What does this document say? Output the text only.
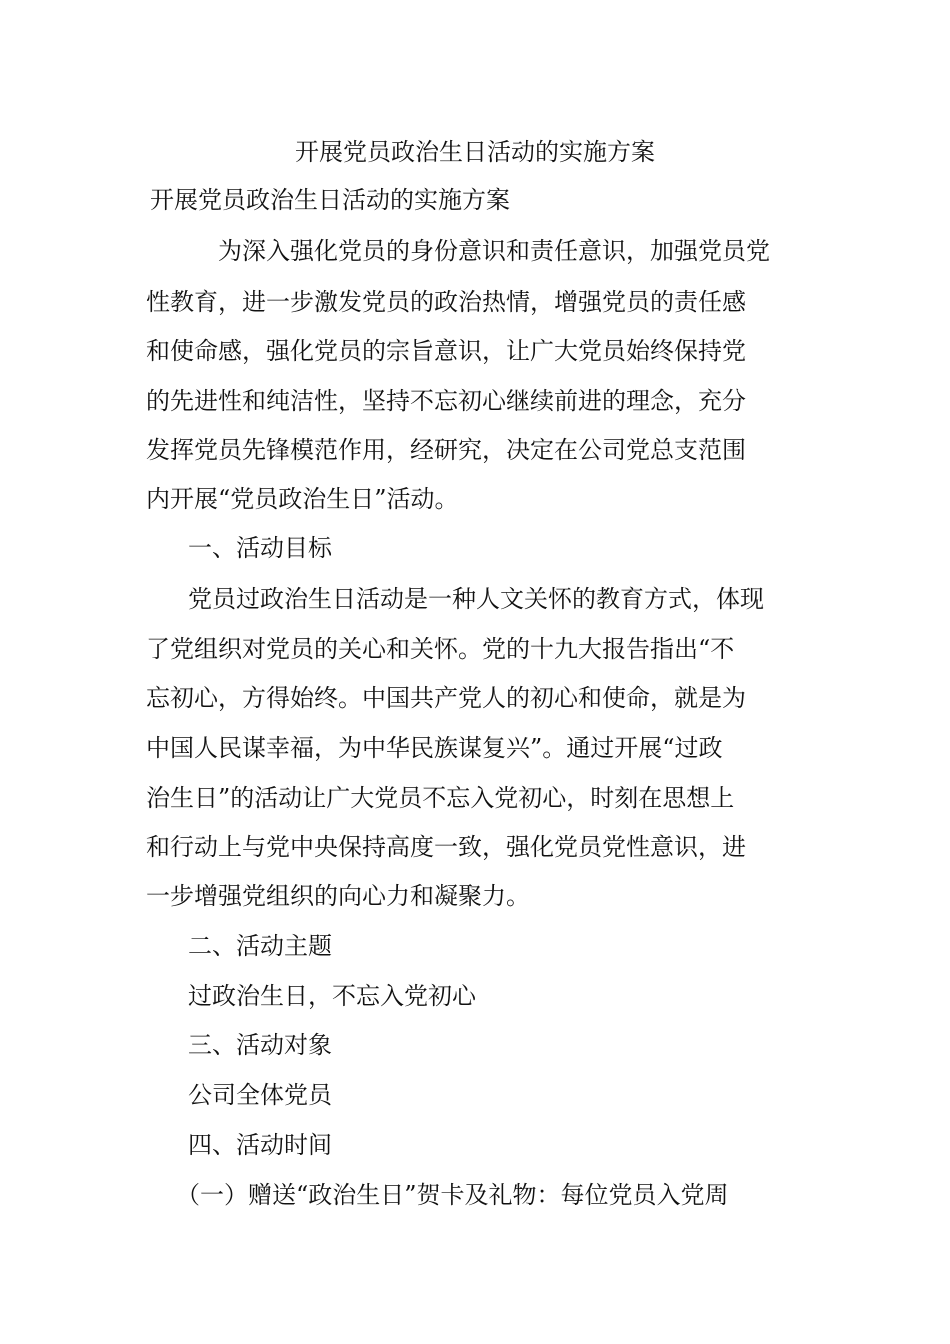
开展党员政治生日活动的实施方案
开展党员政治生日活动的实施方案
为深入强化党员的身份意识和责任意识，加强党员党
性教育，进一步激发党员的政治热情，增强党员的责任感
和使命感，强化党员的宗旨意识，让广大党员始终保持党
的先进性和纯洁性，坚持不忘初心继续前进的理念，充分
发挥党员先锋模范作用，经研究，决定在公司党总支范围
内开展“党员政治生日”活动。
一、活动目标
党员过政治生日活动是一种人文关怀的教育方式，体现
了党组织对党员的关心和关怀。党的十九大报告指出“不
忘初心，方得始终。中国共产党人的初心和使命，就是为
中国人民谋幸福，为中华民族谋复兴”。通过开展“过政
治生日”的活动让广大党员不忘入党初心，时刻在思想上
和行动上与党中央保持高度一致，强化党员党性意识，进
一步增强党组织的向心力和凝聚力。
二、活动主题
过政治生日，不忘入党初心
三、活动对象
公司全体党员
四、活动时间
（一）赠送“政治生日”贺卡及礼物：每位党员入党周
